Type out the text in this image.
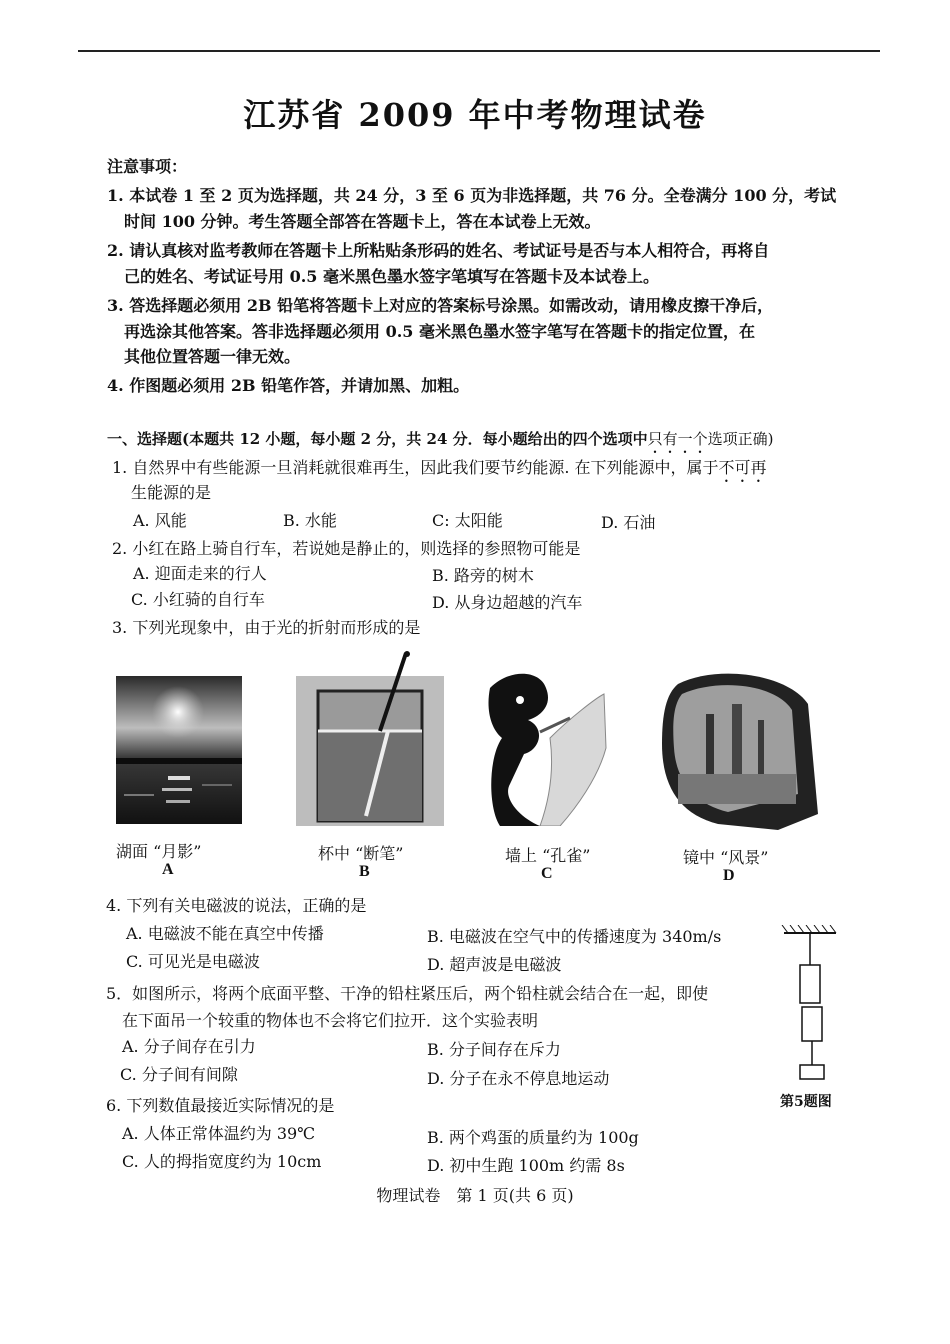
江苏省 2009 年中考物理试卷
注意事项：
1. 本试卷 1 至 2 页为选择题，共 24 分，3 至 6 页为非选择题，共 76 分。全卷满分 100 分，考试
时间 100 分钟。考生答题全部答在答题卡上，答在本试卷上无效。
2. 请认真核对监考教师在答题卡上所粘贴条形码的姓名、考试证号是否与本人相符合，再将自
己的姓名、考试证号用 0.5 毫米黑色墨水签字笔填写在答题卡及本试卷上。
3. 答选择题必须用 2B 铅笔将答题卡上对应的答案标号涂黑。如需改动，请用橡皮擦干净后，
再选涂其他答案。答非选择题必须用 0.5 毫米黑色墨水签字笔写在答题卡的指定位置，在
其他位置答题一律无效。
4. 作图题必须用 2B 铅笔作答，并请加黑、加粗。
一、选择题(本题共 12 小题，每小题 2 分，共 24 分．每小题给出的四个选项中只有一个选项正确)
1. 自然界中有些能源一旦消耗就很难再生，因此我们要节约能源. 在下列能源中，属于不可再
生能源的是
A. 风能	B. 水能	C: 太阳能	D. 石油
2. 小红在路上骑自行车，若说她是静止的，则选择的参照物可能是
A. 迎面走来的行人	B. 路旁的树木
C. 小红骑的自行车	D. 从身边超越的汽车
3. 下列光现象中，由于光的折射而形成的是
湖面 “月影”
A
杯中 “断笔”
B
墙上 “孔雀”
C
镜中 “风景”
D
4. 下列有关电磁波的说法，正确的是
A. 电磁波不能在真空中传播	B. 电磁波在空气中的传播速度为 340m/s
C. 可见光是电磁波	D. 超声波是电磁波
5．如图所示，将两个底面平整、干净的铅柱紧压后，两个铅柱就会结合在一起，即使
在下面吊一个较重的物体也不会将它们拉开．这个实验表明
A. 分子间存在引力	B. 分子间存在斥力
C. 分子间有间隙	D. 分子在永不停息地运动
第5题图
6. 下列数值最接近实际情况的是
A. 人体正常体温约为 39℃	B. 两个鸡蛋的质量约为 100g
C. 人的拇指宽度约为 10cm	D. 初中生跑 100m 约需 8s
物理试卷　第 1 页(共 6 页)
